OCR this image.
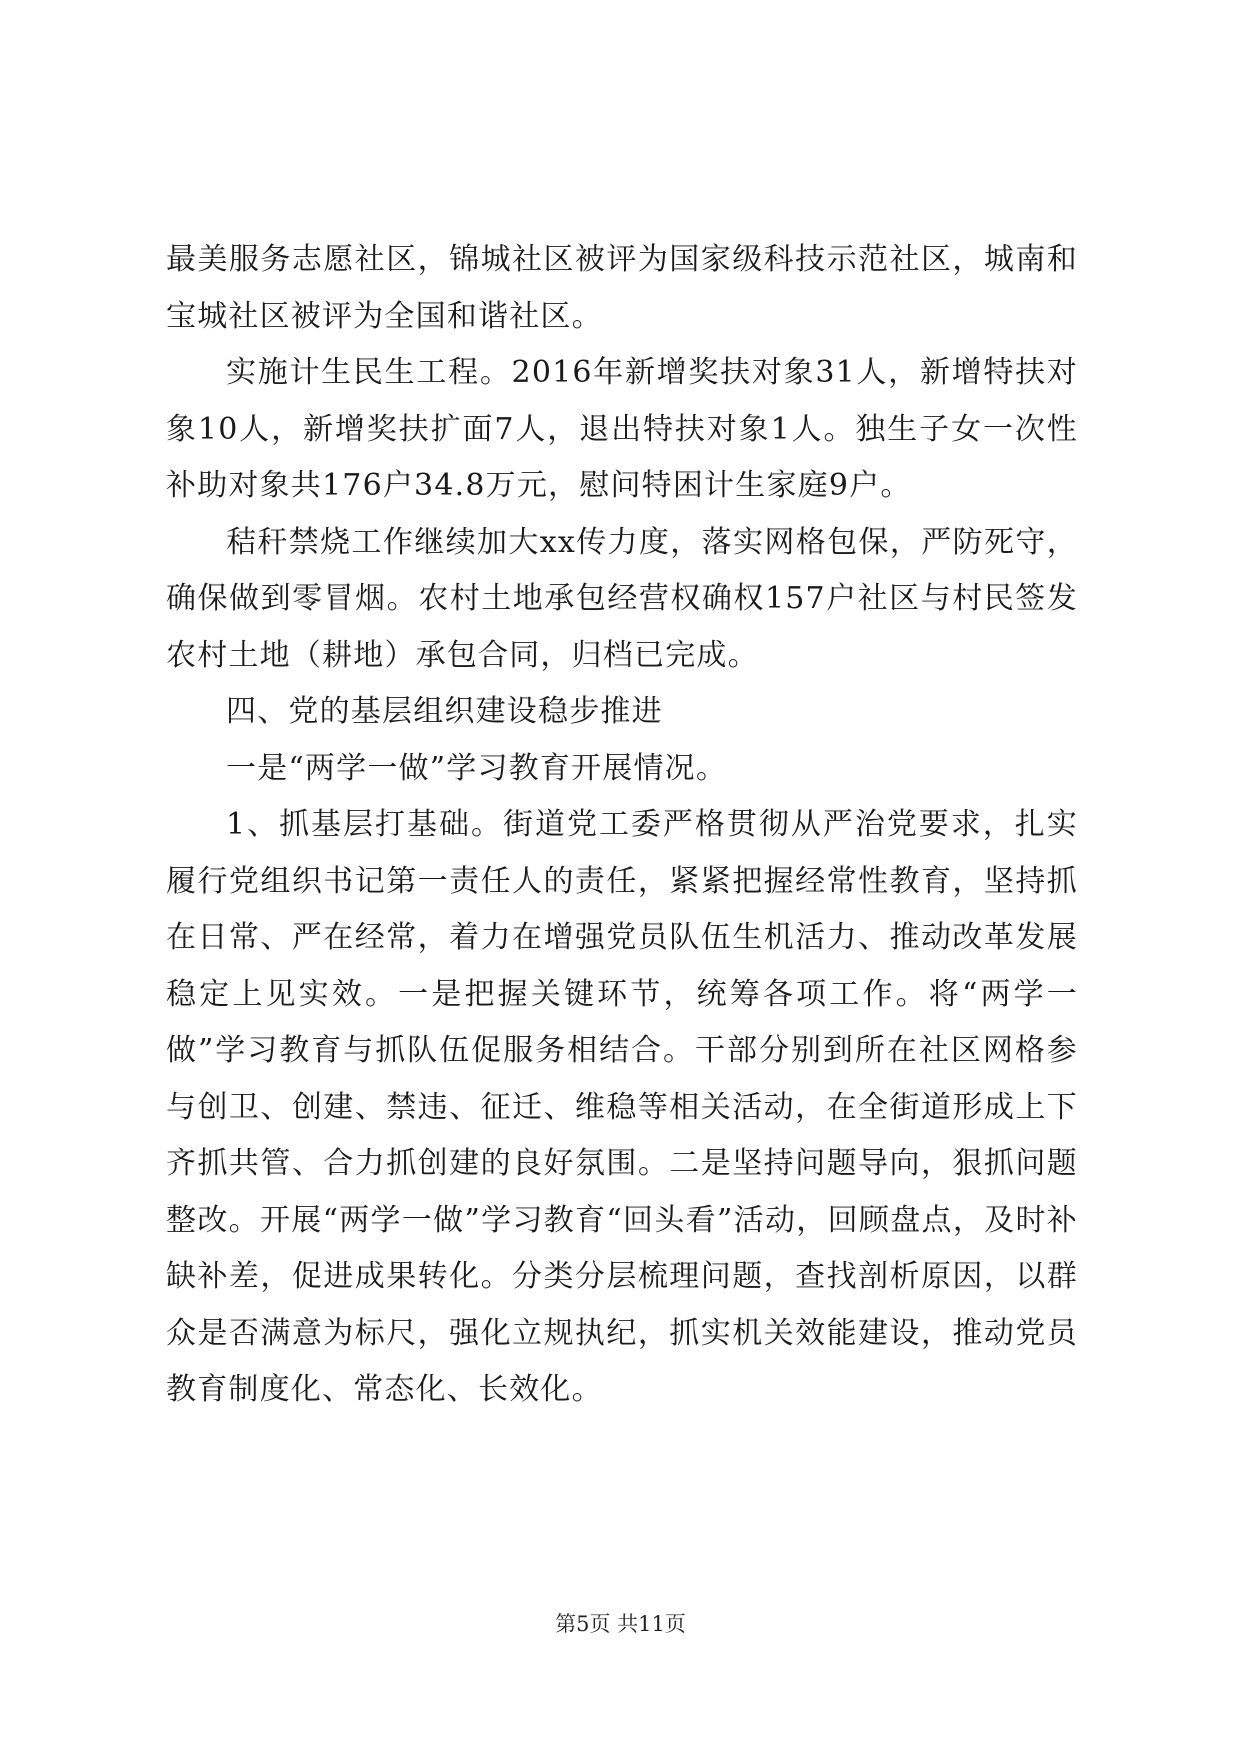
最美服务志愿社区，锦城社区被评为国家级科技示范社区，城南和宝城社区被评为全国和谐社区。

实施计生民生工程。2016年新增奖扶对象31人，新增特扶对象10人，新增奖扶扩面7人，退出特扶对象1人。独生子女一次性补助对象共176户34.8万元，慰问特困计生家庭9户。

秸秆禁烧工作继续加大xx传力度，落实网格包保，严防死守，确保做到零冒烟。农村土地承包经营权确权157户社区与村民签发农村土地（耕地）承包合同，归档已完成。

四、党的基层组织建设稳步推进

一是“两学一做”学习教育开展情况。

1、抓基层打基础。街道党工委严格贯彻从严治党要求，扎实履行党组织书记第一责任人的责任，紧紧把握经常性教育，坚持抓在日常、严在经常，着力在增强党员队伍生机活力、推动改革发展稳定上见实效。一是把握关键环节，统筹各项工作。将“两学一做”学习教育与抓队伍促服务相结合。干部分别到所在社区网格参与创卫、创建、禁违、征迁、维稳等相关活动，在全街道形成上下齐抓共管、合力抓创建的良好氛围。二是坚持问题导向，狠抓问题整改。开展“两学一做”学习教育“回头看”活动，回顾盘点，及时补缺补差，促进成果转化。分类分层梳理问题，查找剖析原因，以群众是否满意为标尺，强化立规执纪，抓实机关效能建设，推动党员教育制度化、常态化、长效化。

第5页 共11页
